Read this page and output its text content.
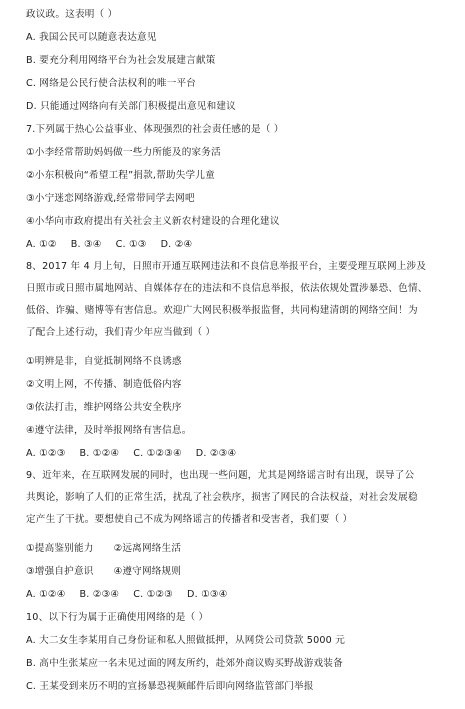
政议政。这表明（ ）

A. 我国公民可以随意表达意见

B. 要充分利用网络平台为社会发展建言献策

C. 网络是公民行使合法权利的唯一平台

D. 只能通过网络向有关部门积极提出意见和建议

7.下列属于热心公益事业、体现强烈的社会责任感的是（ ）

①小李经常帮助妈妈做一些力所能及的家务活

②小东积极向“希望工程”捐款,帮助失学儿童

③小宁迷恋网络游戏,经常带同学去网吧

④小华向市政府提出有关社会主义新农村建设的合理化建议

A. ①② B. ③④ C. ①③ D. ②④

8、2017 年 4 月上旬，日照市开通互联网违法和不良信息举报平台，主要受理互联网上涉及

日照市或日照市属地网站、自媒体存在的违法和不良信息举报，依法依规处置涉暴恐、色情、

低俗、诈骗、赌博等有害信息。欢迎广大网民积极举报监督，共同构建清朗的网络空间！为

了配合上述行动，我们青少年应当做到（ ）

①明辨是非，自觉抵制网络不良诱惑

②文明上网，不传播、制造低俗内容

③依法打击，维护网络公共安全秩序

④遵守法律，及时举报网络有害信息。

A. ①②③ B. ①②④ C. ①②③④ D. ②③④

9、近年来，在互联网发展的同时，也出现一些问题，尤其是网络谣言时有出现，误导了公

共舆论，影响了人们的正常生活，扰乱了社会秩序，损害了网民的合法权益，对社会发展稳

定产生了干扰。要想使自己不成为网络谣言的传播者和受害者，我们要（ ）

①提高鉴别能力 ②远离网络生活

③增强自护意识 ④遵守网络规则

A. ①②④ B. ②③④ C. ①②③ D. ①③④

10、以下行为属于正确使用网络的是（ ）

A. 大二女生李某用自己身份证和私人照做抵押，从网贷公司贷款 5000 元

B. 高中生张某应一名未见过面的网友所约，赴郊外商议购买野战游戏装备

C. 王某受到来历不明的宣扬暴恐视频邮件后即向网络监管部门举报
